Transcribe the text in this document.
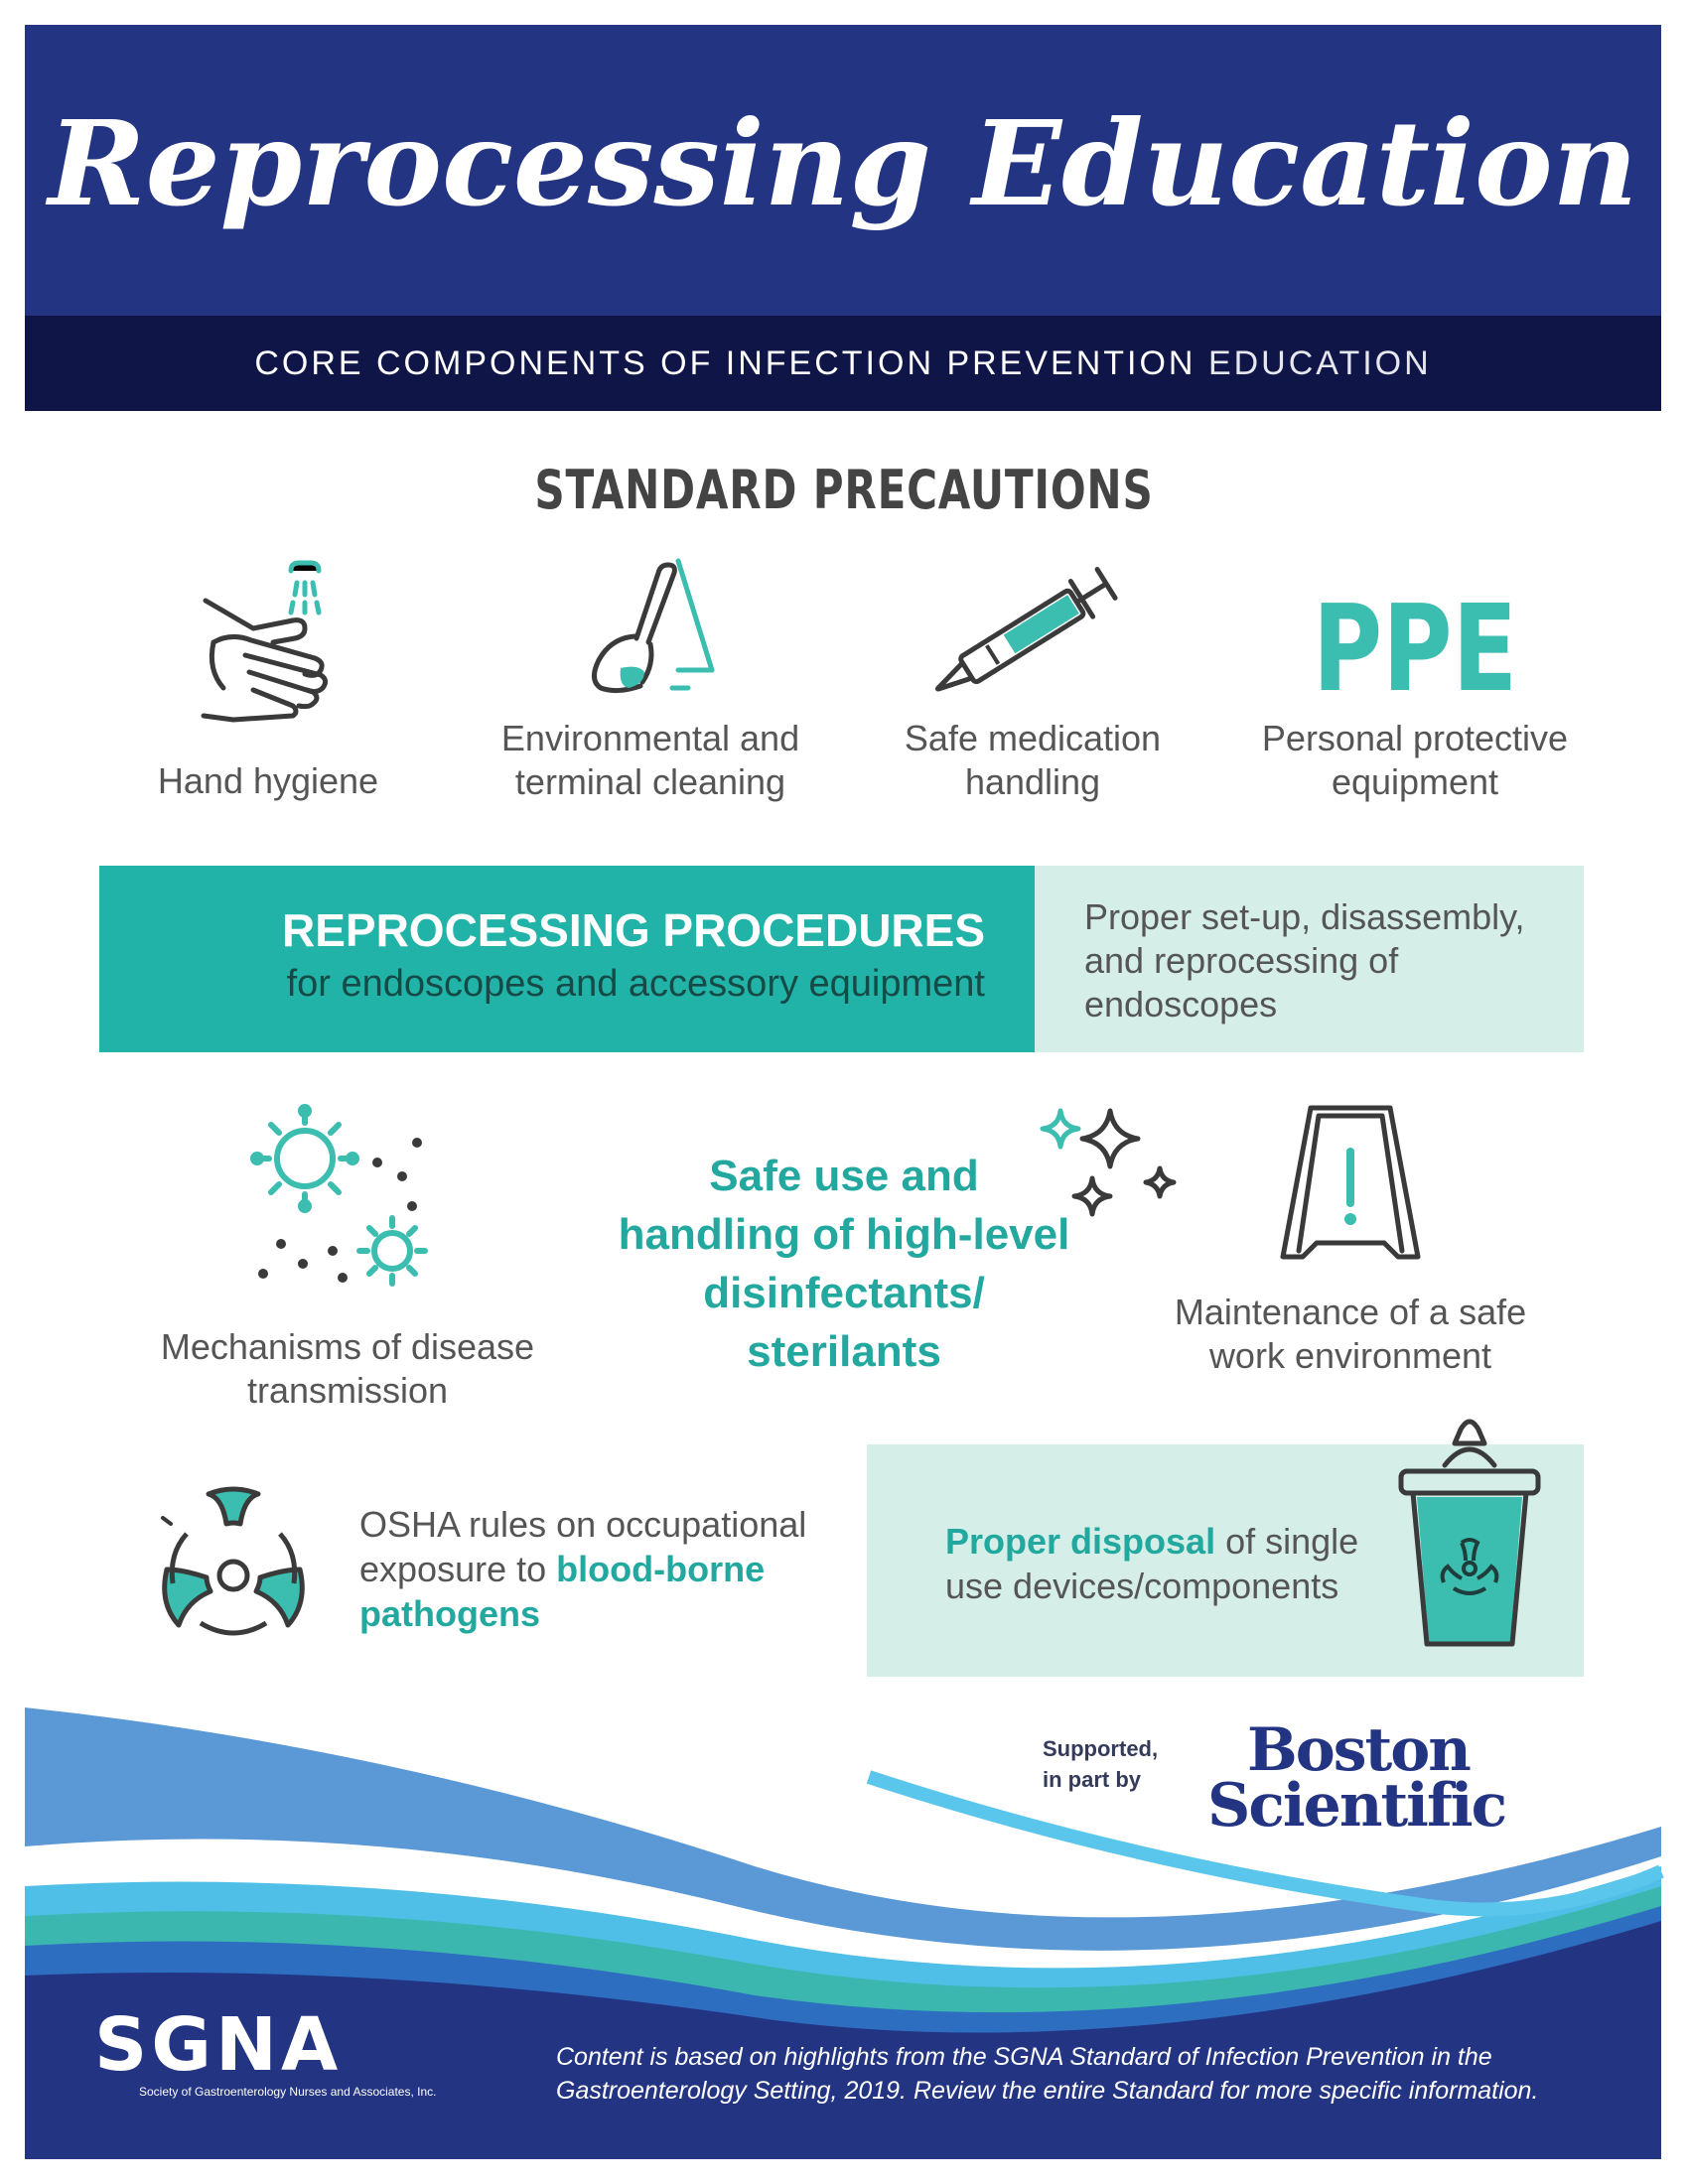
Reprocessing Education
CORE COMPONENTS OF INFECTION PREVENTION EDUCATION
STANDARD PRECAUTIONS
Hand hygiene
Environmental and terminal cleaning
Safe medication handling
PPE
Personal protective equipment
REPROCESSING PROCEDURES
for endoscopes and accessory equipment
Proper set-up, disassembly, and reprocessing of endoscopes
Mechanisms of disease transmission
Safe use and handling of high-level disinfectants/ sterilants
Maintenance of a safe work environment
OSHA rules on occupational exposure to blood-borne pathogens
Proper disposal of single use devices/components
Supported,
in part by	Boston
Scientific
SGNA
Society of Gastroenterology Nurses and Associates, Inc.
Content is based on highlights from the SGNA Standard of Infection Prevention in the Gastroenterology Setting, 2019. Review the entire Standard for more specific information.
